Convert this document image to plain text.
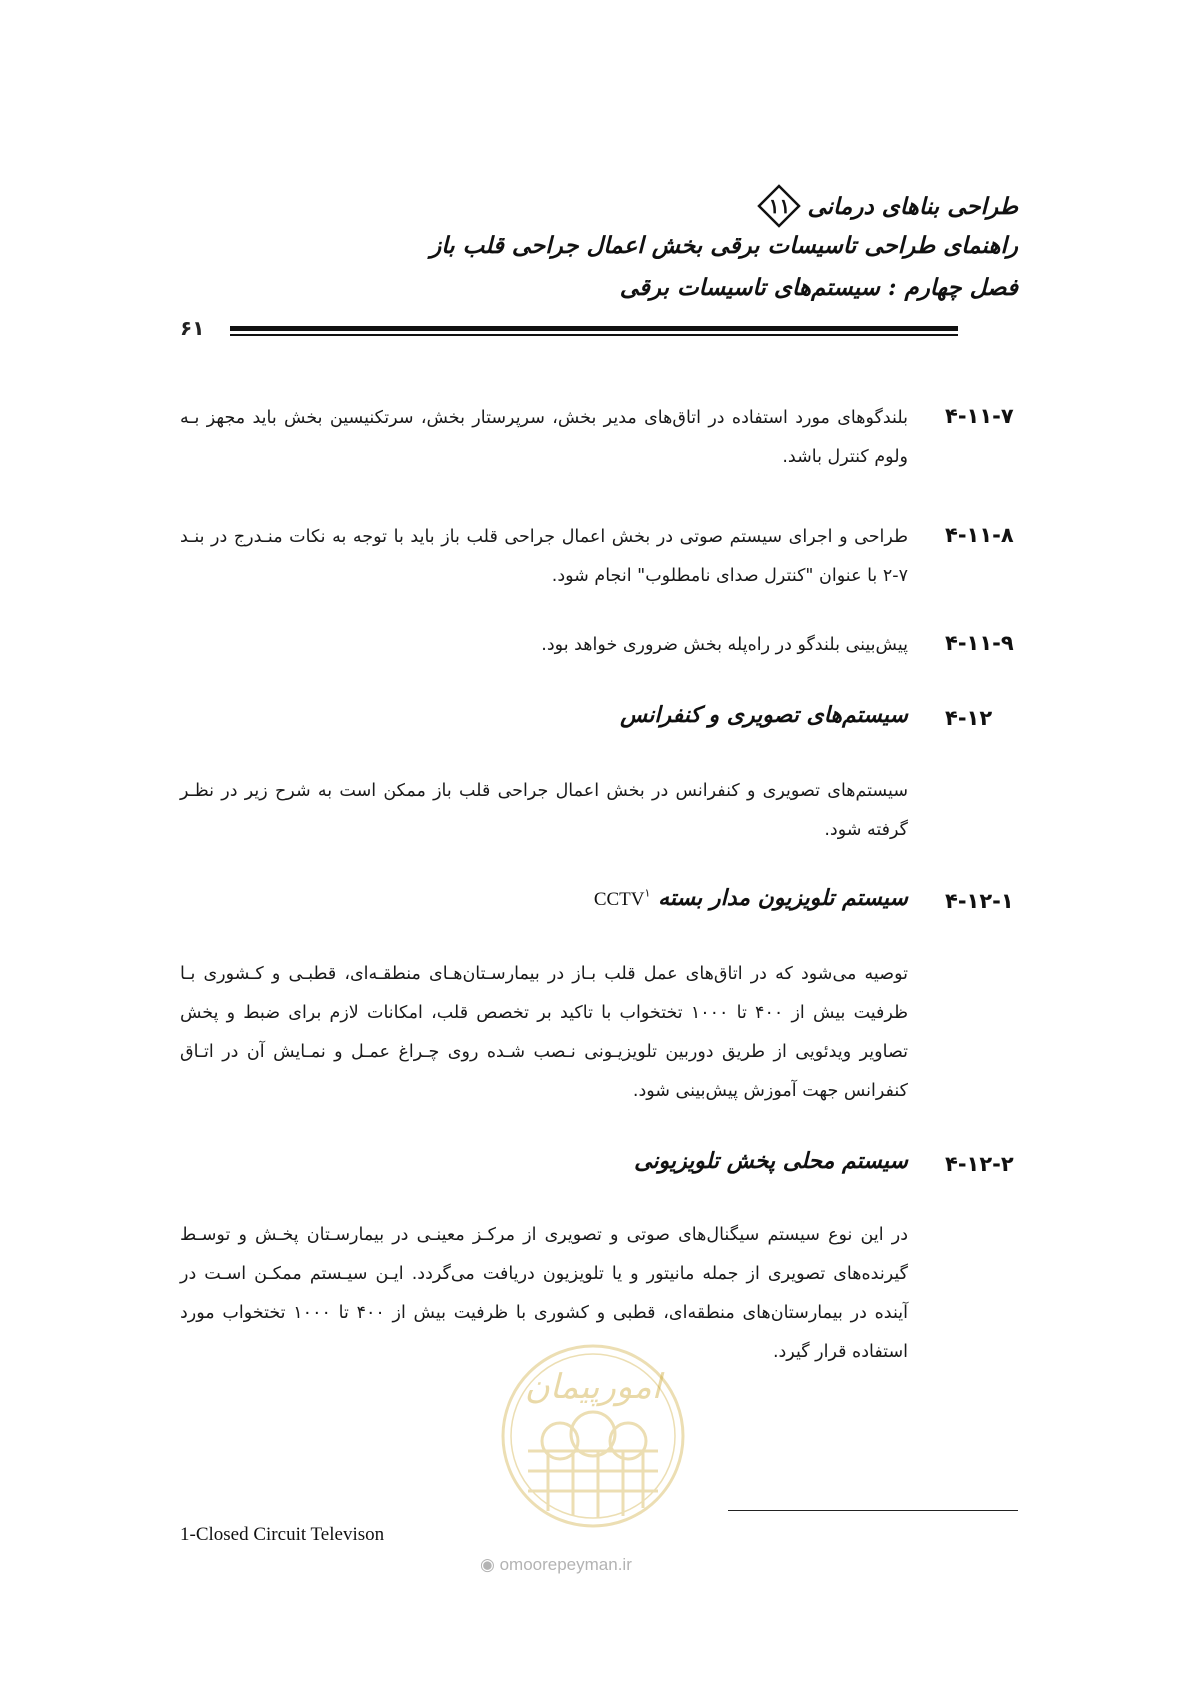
طراحی بناهای درمانی
۱۱
راهنمای طراحی تاسیسات برقی بخش اعمال جراحی قلب باز
فصل چهارم : سیستم‌های تاسیسات برقی
۶۱
۴-۱۱-۷
بلندگوهای مورد استفاده در اتاق‌های مدیر بخش، سرپرستار بخش، سرتکنیسین بخش باید مجهز بـه ولوم کنترل باشد.
۴-۱۱-۸
طراحی و اجرای سیستم صوتی در بخش اعمال جراحی قلب باز باید با توجه به نکات منـدرج در بنـد ۷-۲ با عنوان "کنترل صدای نامطلوب" انجام شود.
۴-۱۱-۹
پیش‌بینی بلندگو در راه‌پله بخش ضروری خواهد بود.
۴-۱۲
سیستم‌های تصویری و کنفرانس
سیستم‌های تصویری و کنفرانس در بخش اعمال جراحی قلب باز ممکن است به شرح زیر در نظـر گرفته شود.
۴-۱۲-۱
سیستم تلویزیون مدار بسته CCTV$^۱$
توصیه می‌شود که در اتاق‌های عمل قلب بـاز در بیمارسـتان‌هـای منطقـه‌ای، قطبـی و کـشوری بـا ظرفیت بیش از ۴۰۰ تا ۱۰۰۰ تختخواب با تاکید بر تخصص قلب، امکانات لازم برای ضبط و پخش تصاویر ویدئویی از طریق دوربین تلویزیـونی نـصب شـده روی چـراغ عمـل و نمـایش آن در اتـاق کنفرانس جهت آموزش پیش‌بینی شود.
۴-۱۲-۲
سیستم محلی پخش تلویزیونی
در این نوع سیستم سیگنال‌های صوتی و تصویری از مرکـز معینـی در بیمارسـتان پخـش و توسـط گیرنده‌های تصویری از جمله مانیتور و یا تلویزیون دریافت می‌گردد. ایـن سیـستم ممکـن اسـت در آینده در بیمارستان‌های منطقه‌ای، قطبی و کشوری با ظرفیت بیش از ۴۰۰ تا ۱۰۰۰ تختخواب مورد استفاده قرار گیرد.
امورپیمان
◉ omoorepeyman.ir
1-Closed Circuit Televison
